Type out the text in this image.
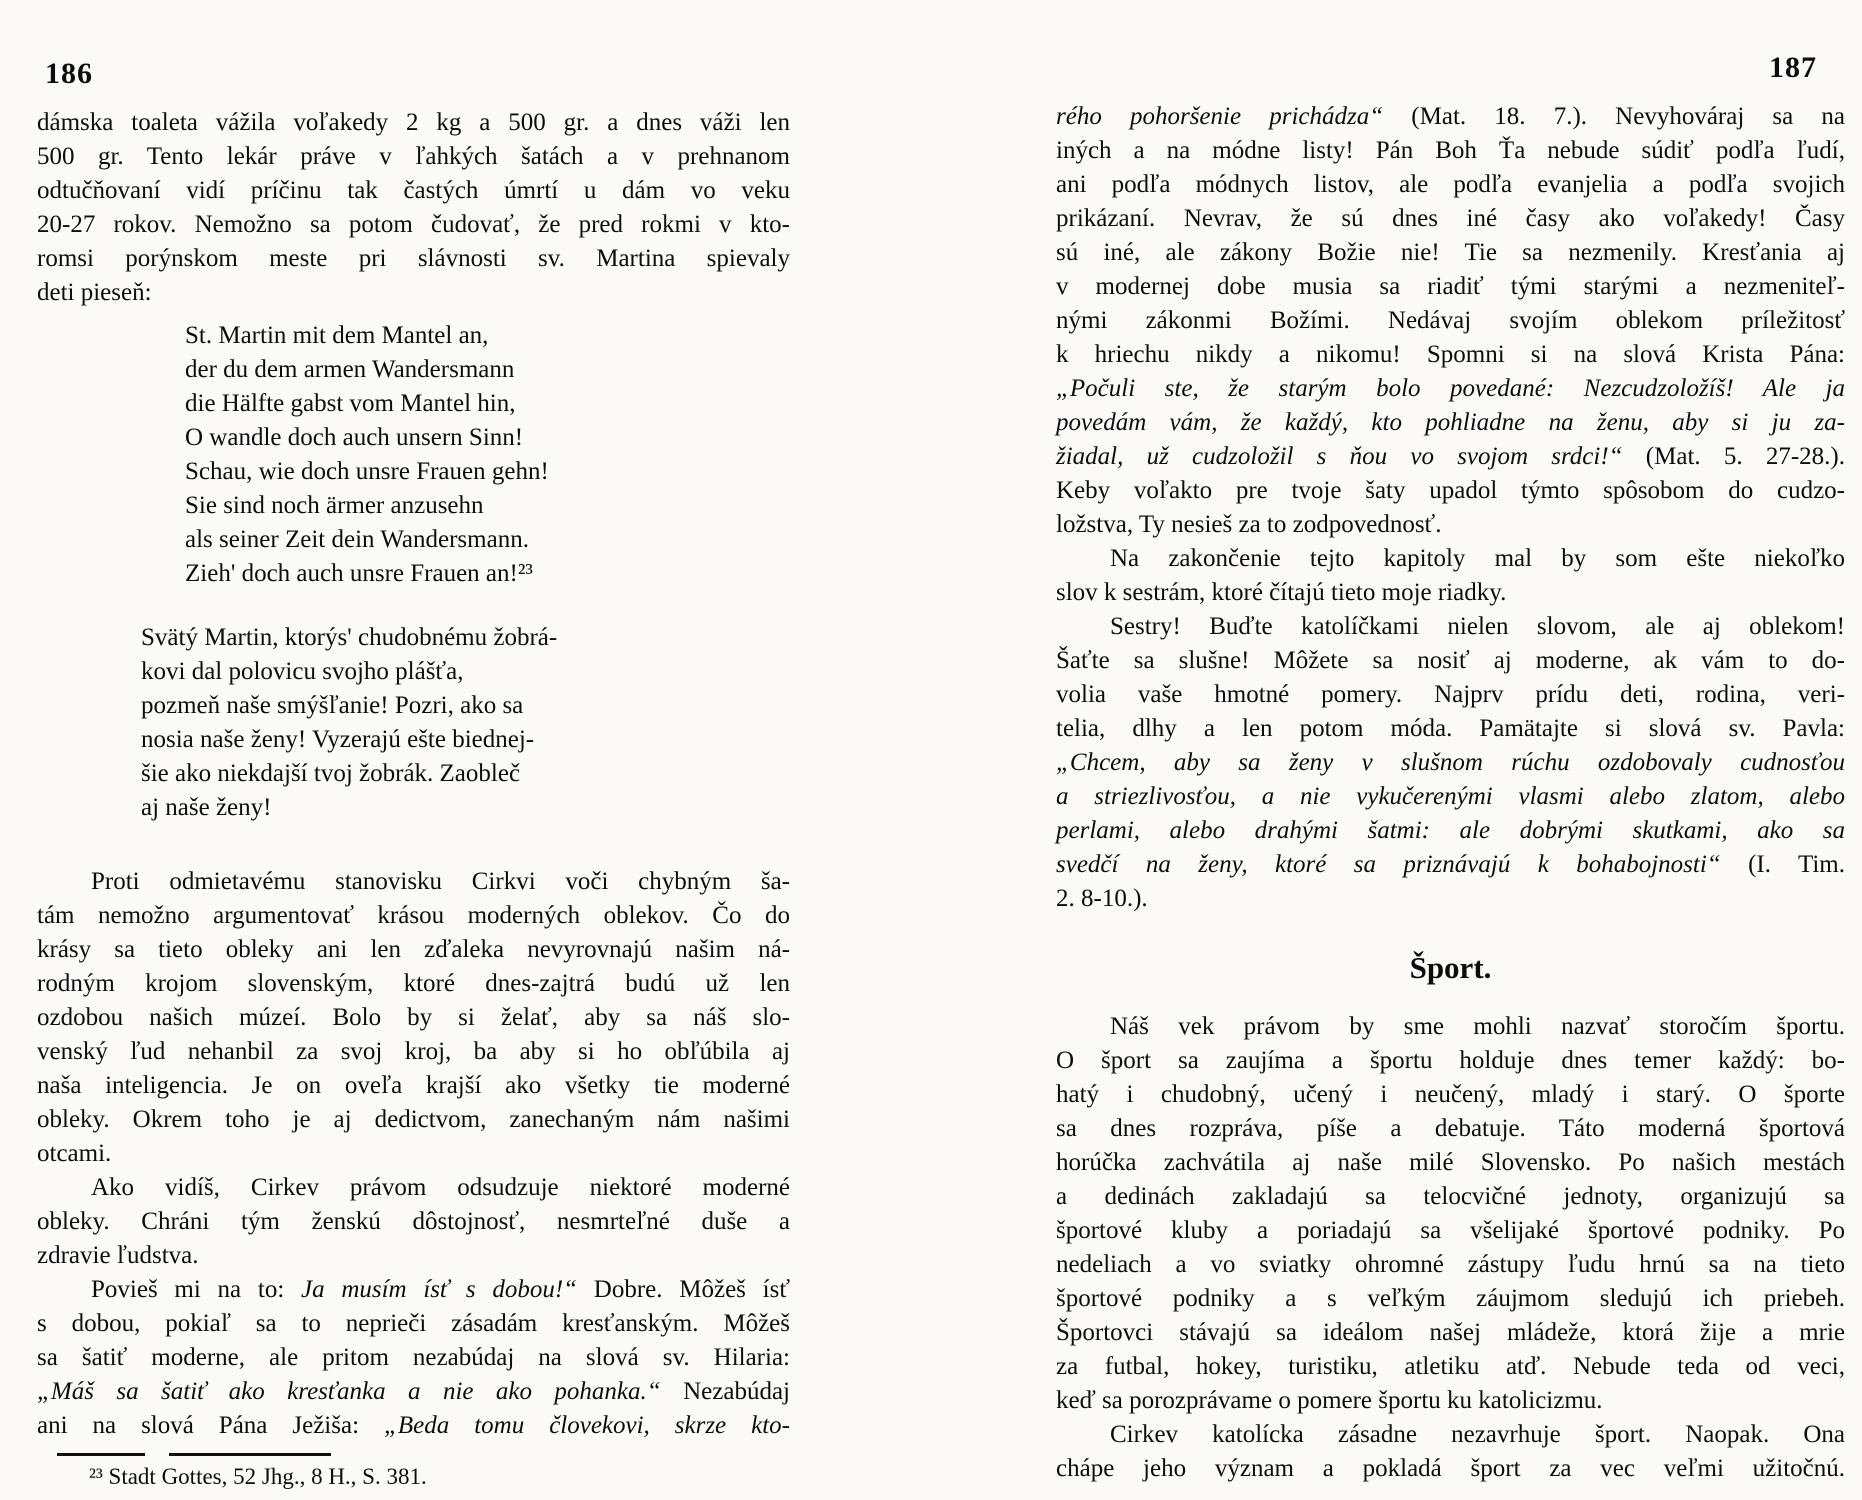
186
dámska toaleta vážila voľakedy 2 kg a 500 gr. a dnes váži len
500 gr. Tento lekár práve v ľahkých šatách a v prehnanom
odtučňovaní vidí príčinu tak častých úmrtí u dám vo veku
20-27 rokov. Nemožno sa potom čudovať, že pred rokmi v kto-
romsi porýnskom meste pri slávnosti sv. Martina spievaly
deti pieseň:
St. Martin mit dem Mantel an,
der du dem armen Wandersmann
die Hälfte gabst vom Mantel hin,
O wandle doch auch unsern Sinn!
Schau, wie doch unsre Frauen gehn!
Sie sind noch ärmer anzusehn
als seiner Zeit dein Wandersmann.
Zieh' doch auch unsre Frauen an!²³
Svätý Martin, ktorýs' chudobnému žobrá-
kovi dal polovicu svojho plášťa,
pozmeň naše smýšľanie! Pozri, ako sa
nosia naše ženy! Vyzerajú ešte biednej-
šie ako niekdajší tvoj žobrák. Zaobleč
aj naše ženy!
Proti odmietavému stanovisku Cirkvi voči chybným ša-
tám nemožno argumentovať krásou moderných oblekov. Čo do
krásy sa tieto obleky ani len zďaleka nevyrovnajú našim ná-
rodným krojom slovenským, ktoré dnes-zajtrá budú už len
ozdobou našich múzeí. Bolo by si želať, aby sa náš slo-
venský ľud nehanbil za svoj kroj, ba aby si ho obľúbila aj
naša inteligencia. Je on oveľa krajší ako všetky tie moderné
obleky. Okrem toho je aj dedictvom, zanechaným nám našimi
otcami.
Ako vidíš, Cirkev právom odsudzuje niektoré moderné
obleky. Chráni tým ženskú dôstojnosť, nesmrteľné duše a
zdravie ľudstva.
Povieš mi na to: Ja musím ísť s dobou!“ Dobre. Môžeš ísť
s dobou, pokiaľ sa to neprieči zásadám kresťanským. Môžeš
sa šatiť moderne, ale pritom nezabúdaj na slová sv. Hilaria:
„Máš sa šatiť ako kresťanka a nie ako pohanka.“ Nezabúdaj
ani na slová Pána Ježiša: „Beda tomu človekovi, skrze kto-
²³ Stadt Gottes, 52 Jhg., 8 H., S. 381.
187
rého pohoršenie prichádza“ (Mat. 18. 7.). Nevyhováraj sa na
iných a na módne listy! Pán Boh Ťa nebude súdiť podľa ľudí,
ani podľa módnych listov, ale podľa evanjelia a podľa svojich
prikázaní. Nevrav, že sú dnes iné časy ako voľakedy! Časy
sú iné, ale zákony Božie nie! Tie sa nezmenily. Kresťania aj
v modernej dobe musia sa riadiť tými starými a nezmeniteľ-
nými zákonmi Božími. Nedávaj svojím oblekom príležitosť
k hriechu nikdy a nikomu! Spomni si na slová Krista Pána:
„Počuli ste, že starým bolo povedané: Nezcudzoložíš! Ale ja
povedám vám, že každý, kto pohliadne na ženu, aby si ju za-
žiadal, už cudzoložil s ňou vo svojom srdci!“ (Mat. 5. 27-28.).
Keby voľakto pre tvoje šaty upadol týmto spôsobom do cudzo-
ložstva, Ty nesieš za to zodpovednosť.
Na zakončenie tejto kapitoly mal by som ešte niekoľko
slov k sestrám, ktoré čítajú tieto moje riadky.
Sestry! Buďte katolíčkami nielen slovom, ale aj oblekom!
Šaťte sa slušne! Môžete sa nosiť aj moderne, ak vám to do-
volia vaše hmotné pomery. Najprv prídu deti, rodina, veri-
telia, dlhy a len potom móda. Pamätajte si slová sv. Pavla:
„Chcem, aby sa ženy v slušnom rúchu ozdobovaly cudnosťou
a striezlivosťou, a nie vykučerenými vlasmi alebo zlatom, alebo
perlami, alebo drahými šatmi: ale dobrými skutkami, ako sa
svedčí na ženy, ktoré sa priznávajú k bohabojnosti“ (I. Tim.
2. 8-10.).
Šport.
Náš vek právom by sme mohli nazvať storočím športu.
O šport sa zaujíma a športu holduje dnes temer každý: bo-
hatý i chudobný, učený i neučený, mladý i starý. O športe
sa dnes rozpráva, píše a debatuje. Táto moderná športová
horúčka zachvátila aj naše milé Slovensko. Po našich mestách
a dedinách zakladajú sa telocvičné jednoty, organizujú sa
športové kluby a poriadajú sa všelijaké športové podniky. Po
nedeliach a vo sviatky ohromné zástupy ľudu hrnú sa na tieto
športové podniky a s veľkým záujmom sledujú ich priebeh.
Športovci stávajú sa ideálom našej mládeže, ktorá žije a mrie
za futbal, hokey, turistiku, atletiku atď. Nebude teda od veci,
keď sa porozprávame o pomere športu ku katolicizmu.
Cirkev katolícka zásadne nezavrhuje šport. Naopak. Ona
chápe jeho význam a pokladá šport za vec veľmi užitočnú.
